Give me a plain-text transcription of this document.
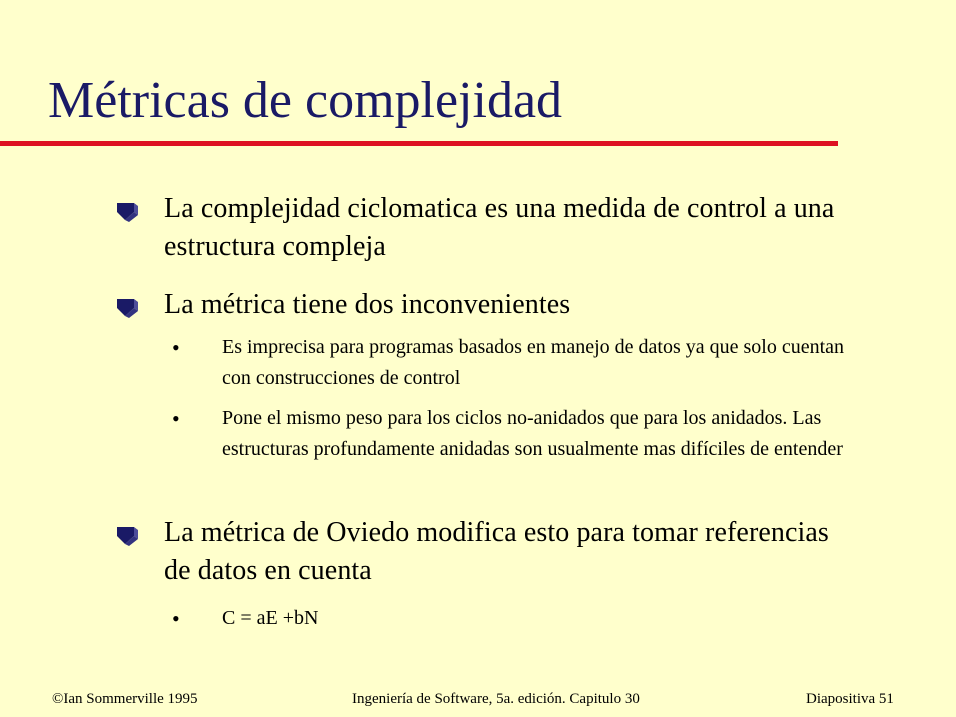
Métricas de complejidad
La complejidad ciclomatica es una medida de control a una estructura compleja
La métrica tiene dos inconvenientes
• Es imprecisa para programas basados en manejo de datos ya que solo cuentan con construcciones de control
• Pone el mismo peso para los ciclos no-anidados que para los anidados. Las estructuras profundamente anidadas son usualmente mas difíciles de entender
La métrica de Oviedo modifica esto para tomar referencias de datos en cuenta
• C = aE +bN
©Ian Sommerville 1995	Ingeniería de Software, 5a. edición. Capitulo 30	Diapositiva 51
